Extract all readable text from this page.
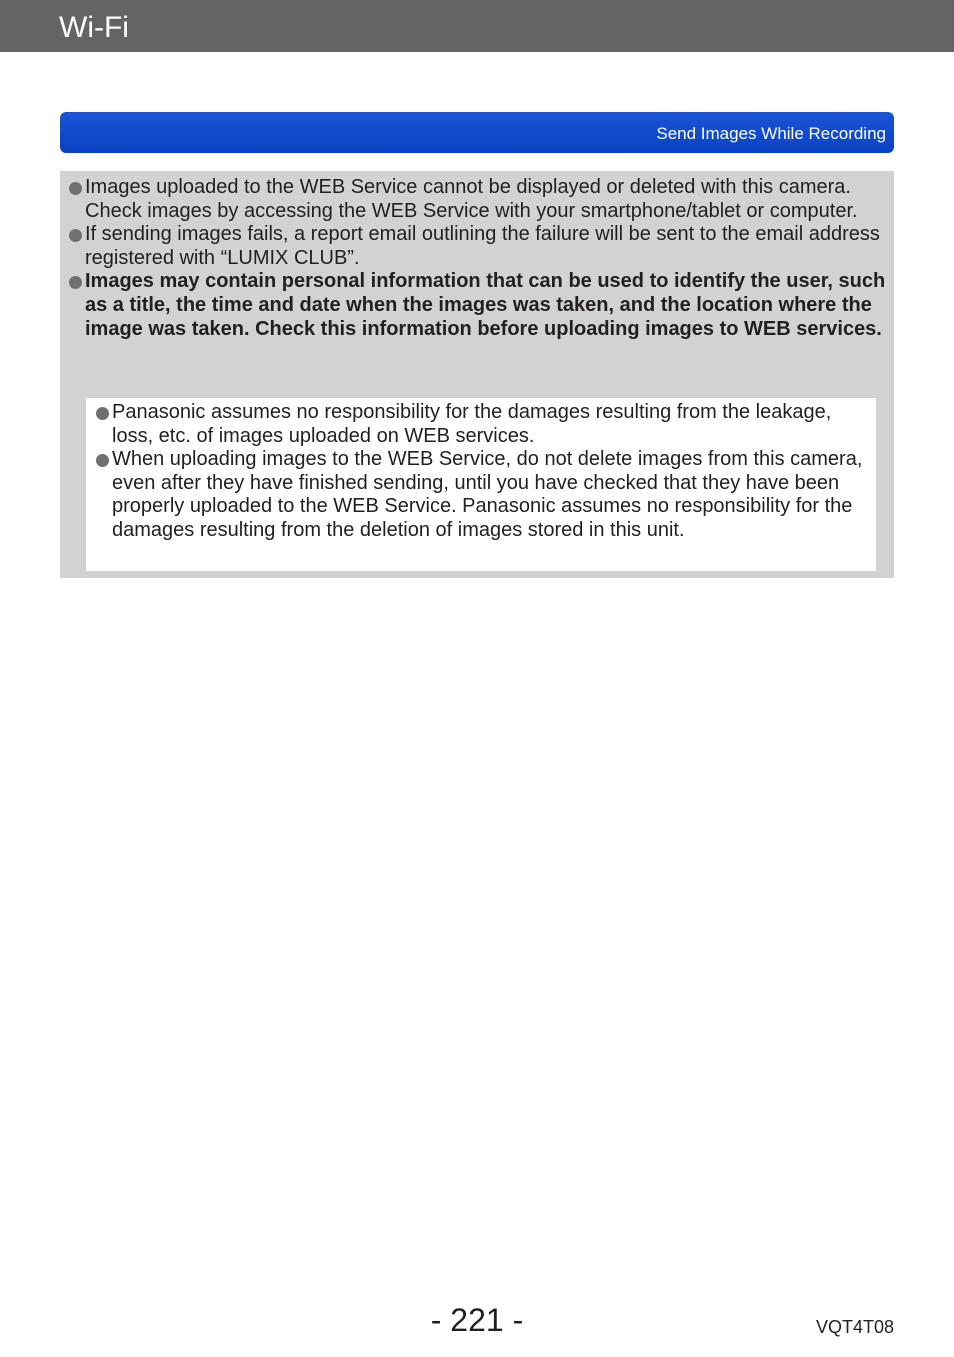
Wi-Fi
Send Images While Recording
Images uploaded to the WEB Service cannot be displayed or deleted with this camera. Check images by accessing the WEB Service with your smartphone/tablet or computer.
If sending images fails, a report email outlining the failure will be sent to the email address registered with “LUMIX CLUB”.
Images may contain personal information that can be used to identify the user, such as a title, the time and date when the images was taken, and the location where the image was taken. Check this information before uploading images to WEB services.
Panasonic assumes no responsibility for the damages resulting from the leakage, loss, etc. of images uploaded on WEB services.
When uploading images to the WEB Service, do not delete images from this camera, even after they have finished sending, until you have checked that they have been properly uploaded to the WEB Service. Panasonic assumes no responsibility for the damages resulting from the deletion of images stored in this unit.
- 221 -	VQT4T08
